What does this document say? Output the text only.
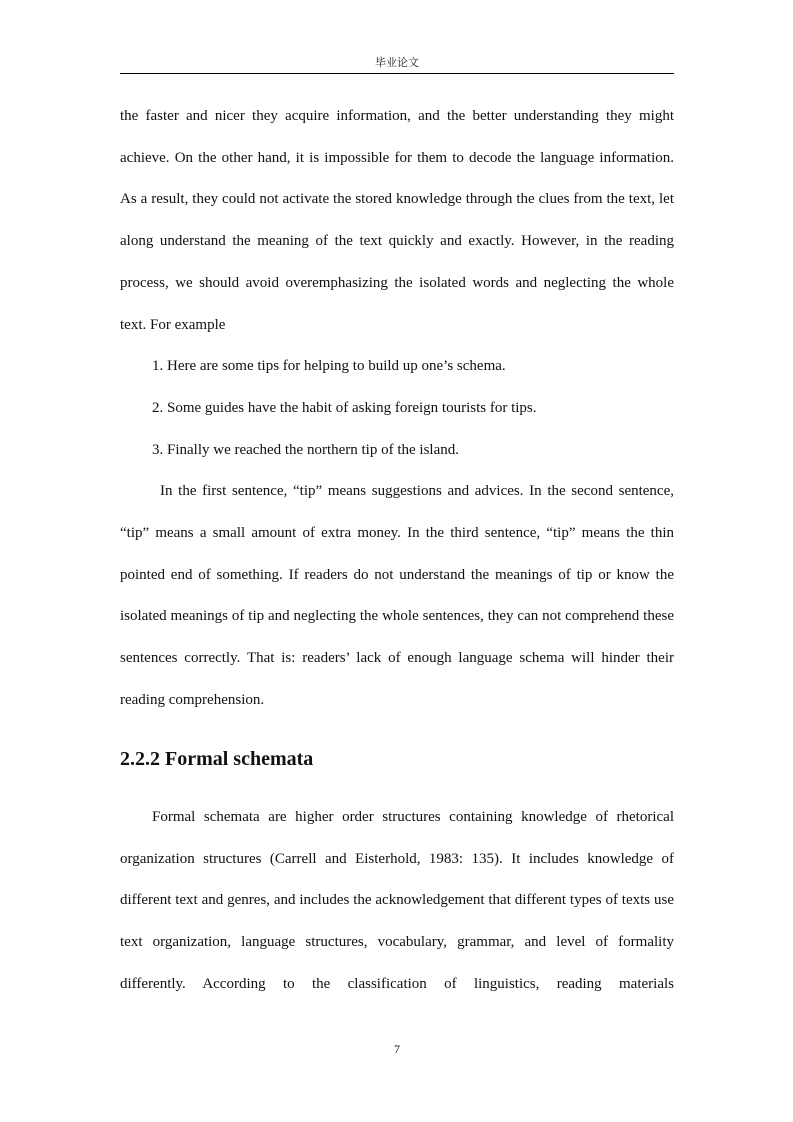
毕业论文

the faster and nicer they acquire information, and the better understanding they might achieve. On the other hand, it is impossible for them to decode the language information. As a result, they could not activate the stored knowledge through the clues from the text, let along understand the meaning of the text quickly and exactly. However, in the reading process, we should avoid overemphasizing the isolated words and neglecting the whole text. For example

1. Here are some tips for helping to build up one’s schema.

2. Some guides have the habit of asking foreign tourists for tips.

3. Finally we reached the northern tip of the island.

In the first sentence, “tip” means suggestions and advices. In the second sentence, “tip” means a small amount of extra money. In the third sentence, “tip” means the thin pointed end of something. If readers do not understand the meanings of tip or know the isolated meanings of tip and neglecting the whole sentences, they can not comprehend these sentences correctly. That is: readers’ lack of enough language schema will hinder their reading comprehension.

2.2.2 Formal schemata

Formal schemata are higher order structures containing knowledge of rhetorical organization structures (Carrell and Eisterhold, 1983: 135). It includes knowledge of different text and genres, and includes the acknowledgement that different types of texts use text organization, language structures, vocabulary, grammar, and level of formality differently. According to the classification of linguistics, reading materials

7
